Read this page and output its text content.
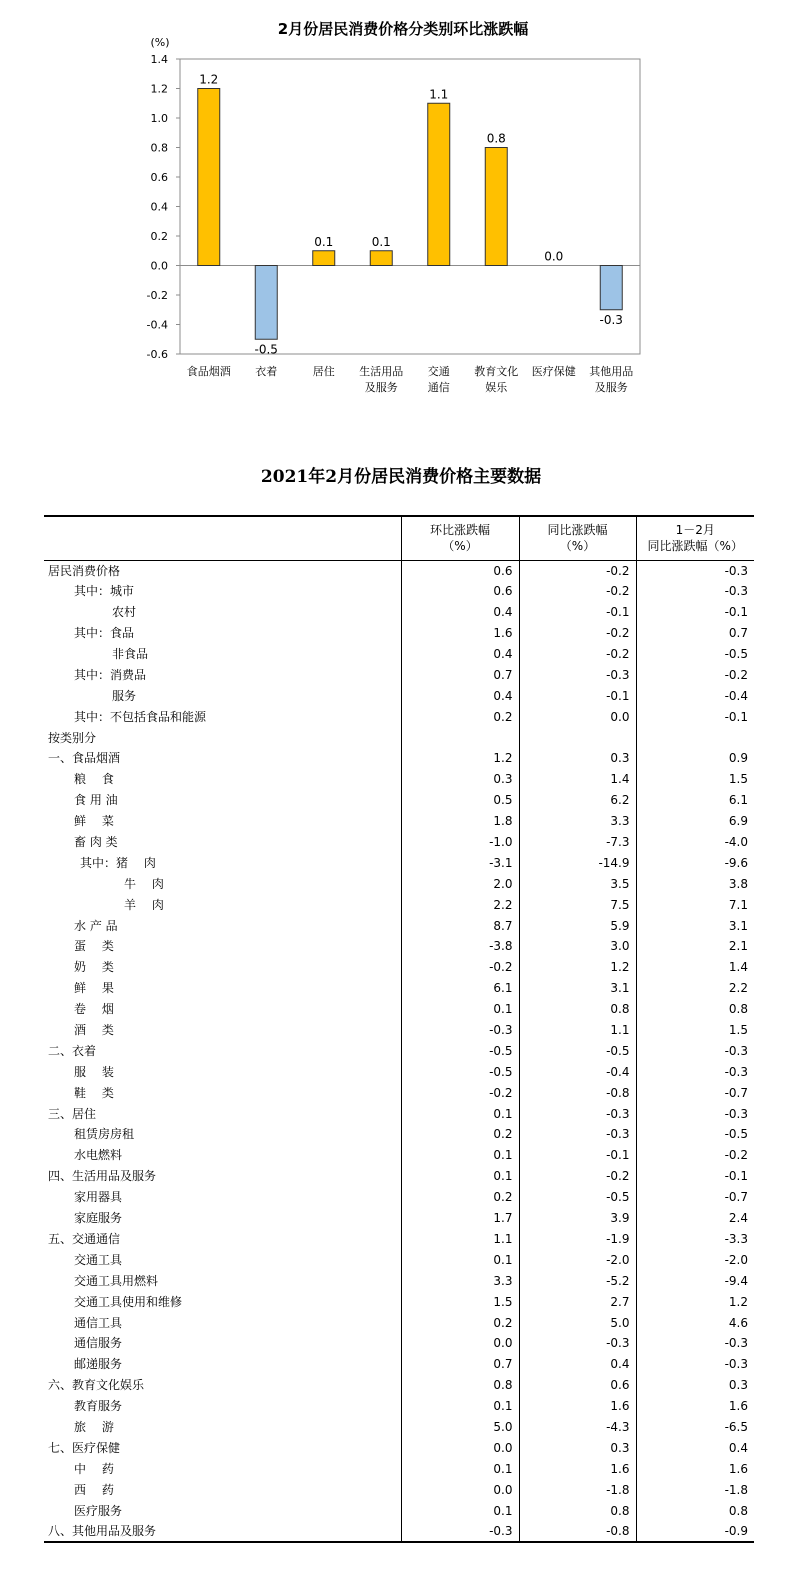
2月份居民消费价格分类别环比涨跌幅
(%)
1.4
1.2
1.0
0.8
0.6
0.4
0.2
0.0
-0.2
-0.4
-0.6
1.2
食品烟酒
-0.5
衣着
0.1
居住
0.1
生活用品
及服务
1.1
交通
通信
0.8
教育文化
娱乐
0.0
医疗保健
-0.3
其他用品
及服务
2021年2月份居民消费价格主要数据

	环比涨跌幅
（%）	同比涨跌幅
（%）	1－2月
同比涨跌幅（%）

居民消费价格	0.6	-0.2	-0.3
其中：城市	0.6	-0.2	-0.3
农村	0.4	-0.1	-0.1
其中：食品	1.6	-0.2	0.7
非食品	0.4	-0.2	-0.5
其中：消费品	0.7	-0.3	-0.2
服务	0.4	-0.1	-0.4
其中：不包括食品和能源	0.2	0.0	-0.1
按类别分			
一、食品烟酒	1.2	0.3	0.9
粮　 食	0.3	1.4	1.5
食 用 油	0.5	6.2	6.1
鲜　 菜	1.8	3.3	6.9
畜 肉 类	-1.0	-7.3	-4.0
其中：猪　 肉	-3.1	-14.9	-9.6
牛　 肉	2.0	3.5	3.8
羊　 肉	2.2	7.5	7.1
水 产 品	8.7	5.9	3.1
蛋　 类	-3.8	3.0	2.1
奶　 类	-0.2	1.2	1.4
鲜　 果	6.1	3.1	2.2
卷　 烟	0.1	0.8	0.8
酒　 类	-0.3	1.1	1.5
二、衣着	-0.5	-0.5	-0.3
服　 装	-0.5	-0.4	-0.3
鞋　 类	-0.2	-0.8	-0.7
三、居住	0.1	-0.3	-0.3
租赁房房租	0.2	-0.3	-0.5
水电燃料	0.1	-0.1	-0.2
四、生活用品及服务	0.1	-0.2	-0.1
家用器具	0.2	-0.5	-0.7
家庭服务	1.7	3.9	2.4
五、交通通信	1.1	-1.9	-3.3
交通工具	0.1	-2.0	-2.0
交通工具用燃料	3.3	-5.2	-9.4
交通工具使用和维修	1.5	2.7	1.2
通信工具	0.2	5.0	4.6
通信服务	0.0	-0.3	-0.3
邮递服务	0.7	0.4	-0.3
六、教育文化娱乐	0.8	0.6	0.3
教育服务	0.1	1.6	1.6
旅　 游	5.0	-4.3	-6.5
七、医疗保健	0.0	0.3	0.4
中　 药	0.1	1.6	1.6
西　 药	0.0	-1.8	-1.8
医疗服务	0.1	0.8	0.8
八、其他用品及服务	-0.3	-0.8	-0.9
